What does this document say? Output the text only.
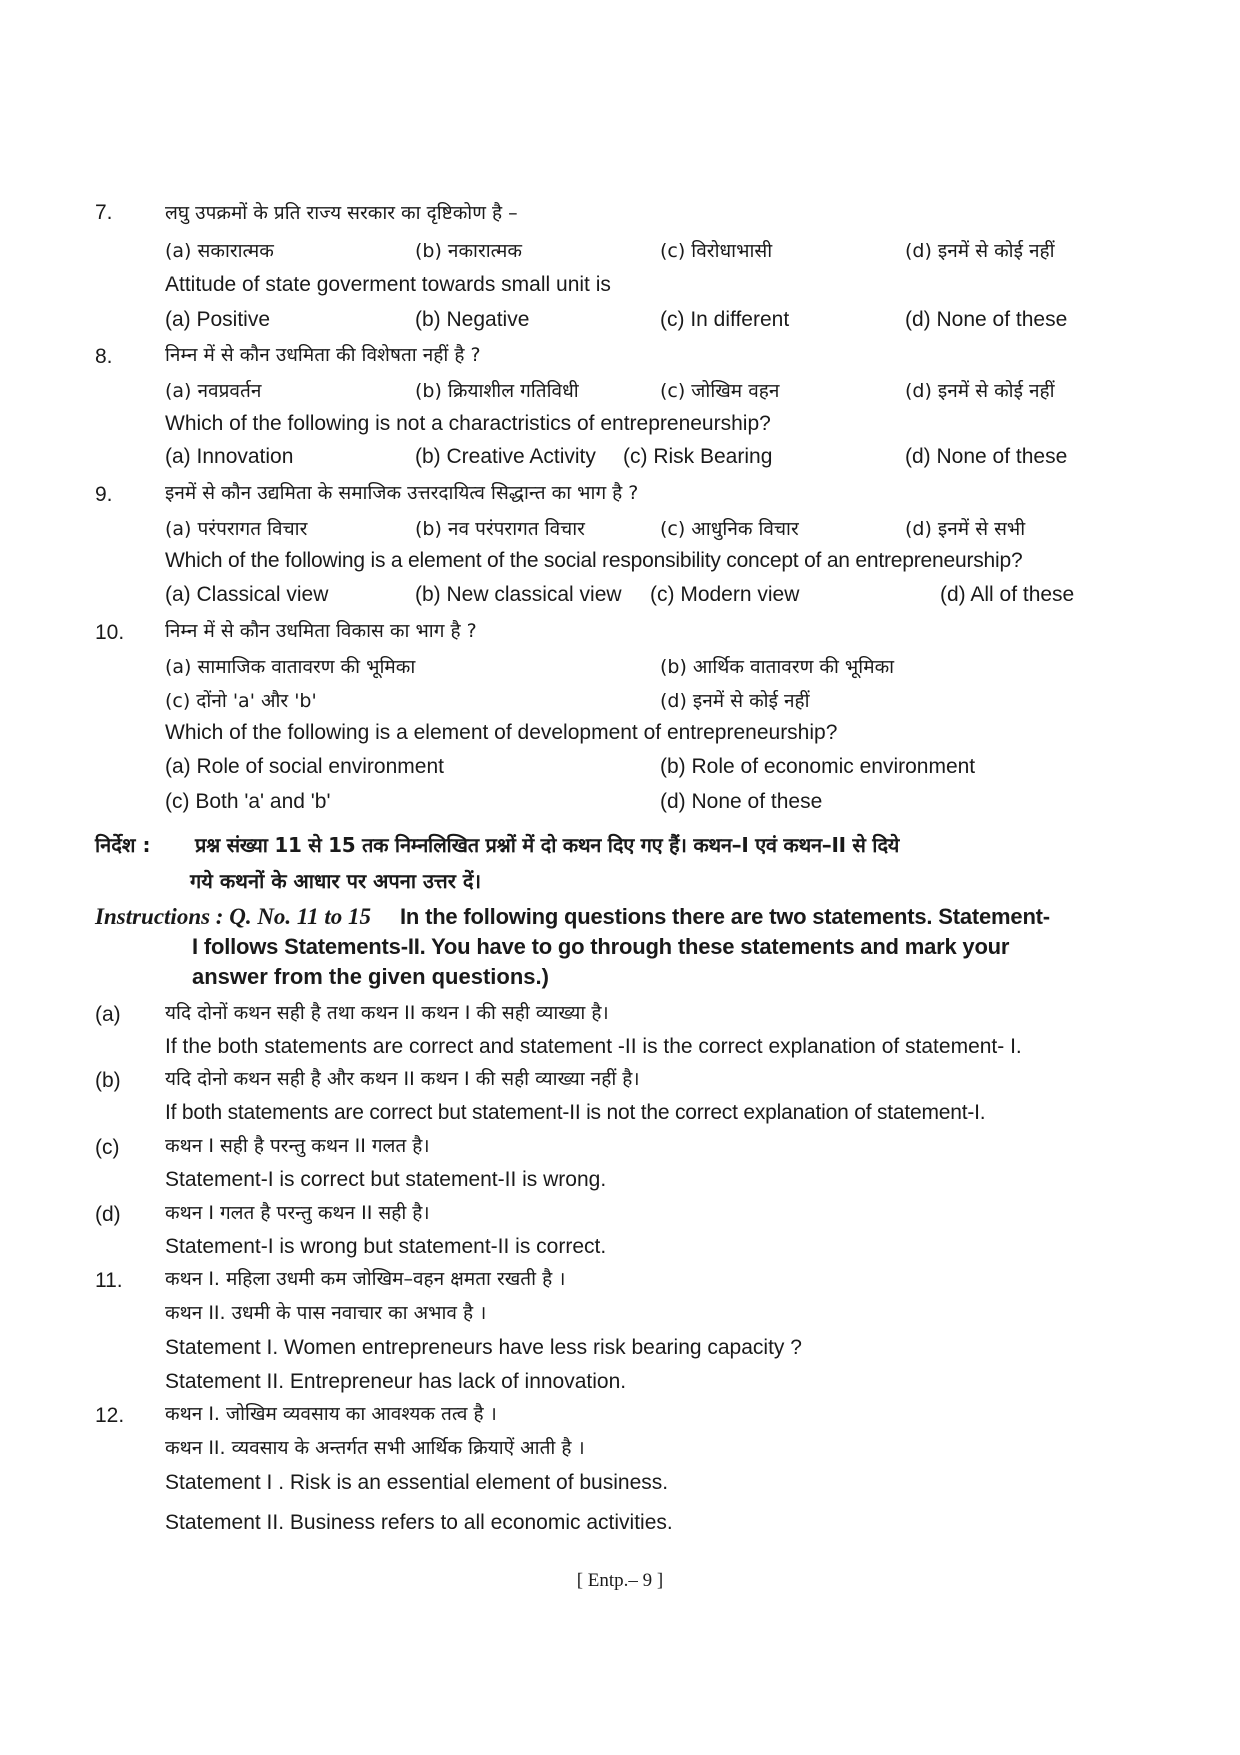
7.	लघु उपक्रमों के प्रति राज्य सरकार का दृष्टिकोण है –
(a) सकारात्मक	(b) नकारात्मक	(c) विरोधाभासी	(d) इनमें से कोई नहीं
Attitude of state goverment towards small unit is
(a) Positive	(b) Negative	(c) In different	(d) None of these
8.	निम्न में से कौन उधमिता की विशेषता नहीं है ?
(a) नवप्रवर्तन	(b) क्रियाशील गतिविधी	(c) जोखिम वहन	(d) इनमें से कोई नहीं
Which of the following is not a charactristics of entrepreneurship?
(a) Innovation	(b) Creative Activity (c) Risk Bearing	(d) None of these
9.	इनमें से कौन उद्यमिता के समाजिक उत्तरदायित्व सिद्धान्त का भाग है ?
(a) परंपरागत विचार	(b) नव परंपरागत विचार	(c) आधुनिक विचार	(d) इनमें से सभी
Which of the following is a element of the social responsibility concept of an entrepreneurship?
(a) Classical view	(b) New classical view (c) Modern view	(d) All of these
10. निम्न में से कौन उधमिता विकास का भाग है ?
(a) सामाजिक वातावरण की भूमिका	(b) आर्थिक वातावरण की भूमिका
(c) दोंनो 'a' और 'b'	(d) इनमें से कोई नहीं
Which of the following is a element of development of entrepreneurship?
(a) Role of social environment	(b) Role of economic environment
(c) Both 'a' and 'b'	(d) None of these
निर्देश : प्रश्न संख्या 11 से 15 तक निम्नलिखित प्रश्नों में दो कथन दिए गए हैं। कथन–I एवं कथन–II से दिये
गये कथनों के आधार पर अपना उत्तर दें।
Instructions : Q. No. 11 to 15 In the following questions there are two statements. Statement-
I follows Statements-II. You have to go through these statements and mark your
answer from the given questions.)
(a) यदि दोनों कथन सही है तथा कथन II कथन I की सही व्याख्या है।
If the both statements are correct and statement -II is the correct explanation of statement- I.
(b) यदि दोनो कथन सही है और कथन II कथन I की सही व्याख्या नहीं है।
If both statements are correct but statement-II is not the correct explanation of statement-I.
(c) कथन I सही है परन्तु कथन II गलत है।
Statement-I is correct but statement-II is wrong.
(d) कथन I गलत है परन्तु कथन II सही है।
Statement-I is wrong but statement-II is correct.
11. कथन I. महिला उधमी कम जोखिम–वहन क्षमता रखती है ।
कथन II. उधमी के पास नवाचार का अभाव है ।
Statement I. Women entrepreneurs have less risk bearing capacity ?
Statement II. Entrepreneur has lack of innovation.
12. कथन I. जोखिम व्यवसाय का आवश्यक तत्व है ।
कथन II. व्यवसाय के अन्तर्गत सभी आर्थिक क्रियाऐं आती है ।
Statement I . Risk is an essential element of business.
Statement II. Business refers to all economic activities.
[ Entp.– 9 ]
